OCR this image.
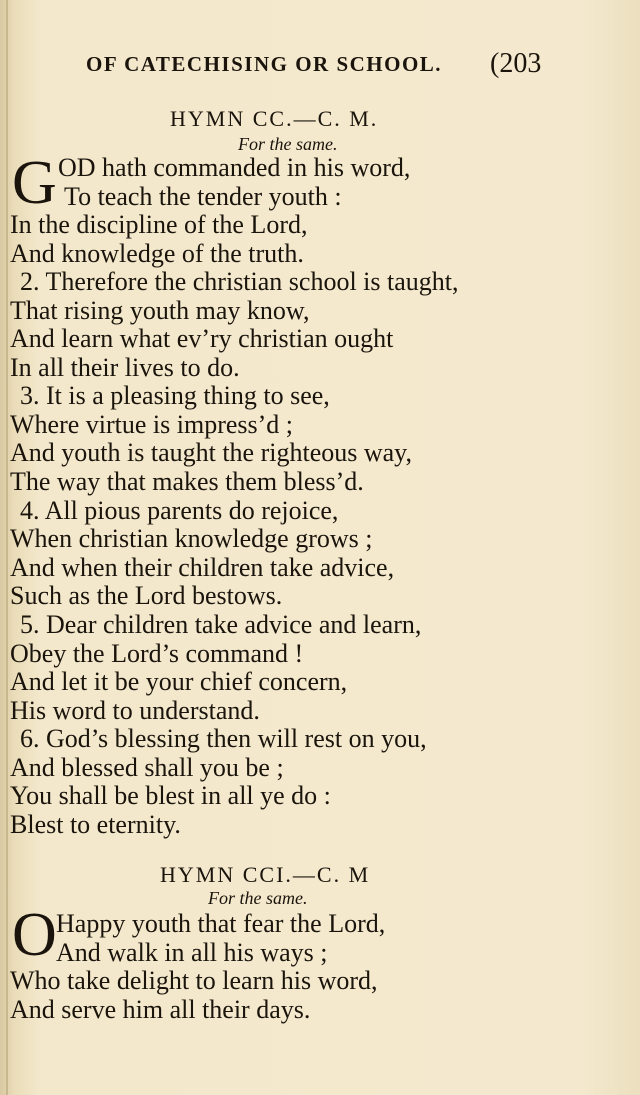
OF CATECHISING OR SCHOOL. (203
HYMN CC.—C. M.
For the same.
G OD hath commanded in his word,
To teach the tender youth :
In the discipline of the Lord,
And knowledge of the truth.
2. Therefore the christian school is taught,
That rising youth may know,
And learn what ev’ry christian ought
In all their lives to do.
3. It is a pleasing thing to see,
Where virtue is impress’d ;
And youth is taught the righteous way,
The way that makes them bless’d.
4. All pious parents do rejoice,
When christian knowledge grows ;
And when their children take advice,
Such as the Lord bestows.
5. Dear children take advice and learn,
Obey the Lord’s command !
And let it be your chief concern,
His word to understand.
6. God’s blessing then will rest on you,
And blessed shall you be ;
You shall be blest in all ye do :
Blest to eternity.
HYMN CCI.—C. M
For the same.
O Happy youth that fear the Lord,
And walk in all his ways ;
Who take delight to learn his word,
And serve him all their days.
